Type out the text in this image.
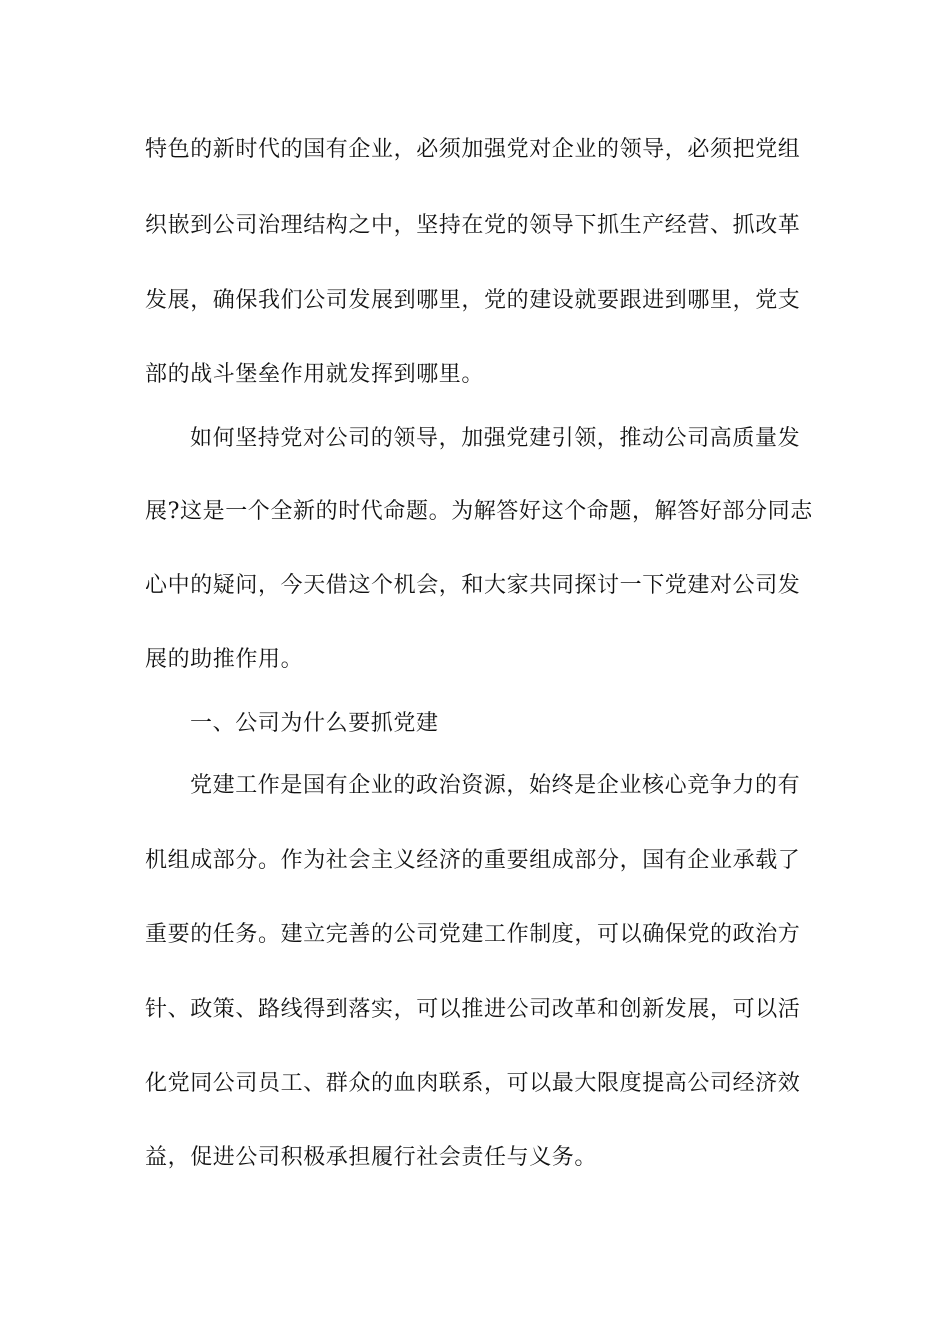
特色的新时代的国有企业，必须加强党对企业的领导，必须把党组
织嵌到公司治理结构之中，坚持在党的领导下抓生产经营、抓改革
发展，确保我们公司发展到哪里，党的建设就要跟进到哪里，党支
部的战斗堡垒作用就发挥到哪里。
如何坚持党对公司的领导，加强党建引领，推动公司高质量发
展?这是一个全新的时代命题。为解答好这个命题，解答好部分同志
心中的疑问，今天借这个机会，和大家共同探讨一下党建对公司发
展的助推作用。
一、公司为什么要抓党建
党建工作是国有企业的政治资源，始终是企业核心竞争力的有
机组成部分。作为社会主义经济的重要组成部分，国有企业承载了
重要的任务。建立完善的公司党建工作制度，可以确保党的政治方
针、政策、路线得到落实，可以推进公司改革和创新发展，可以活
化党同公司员工、群众的血肉联系，可以最大限度提高公司经济效
益，促进公司积极承担履行社会责任与义务。
